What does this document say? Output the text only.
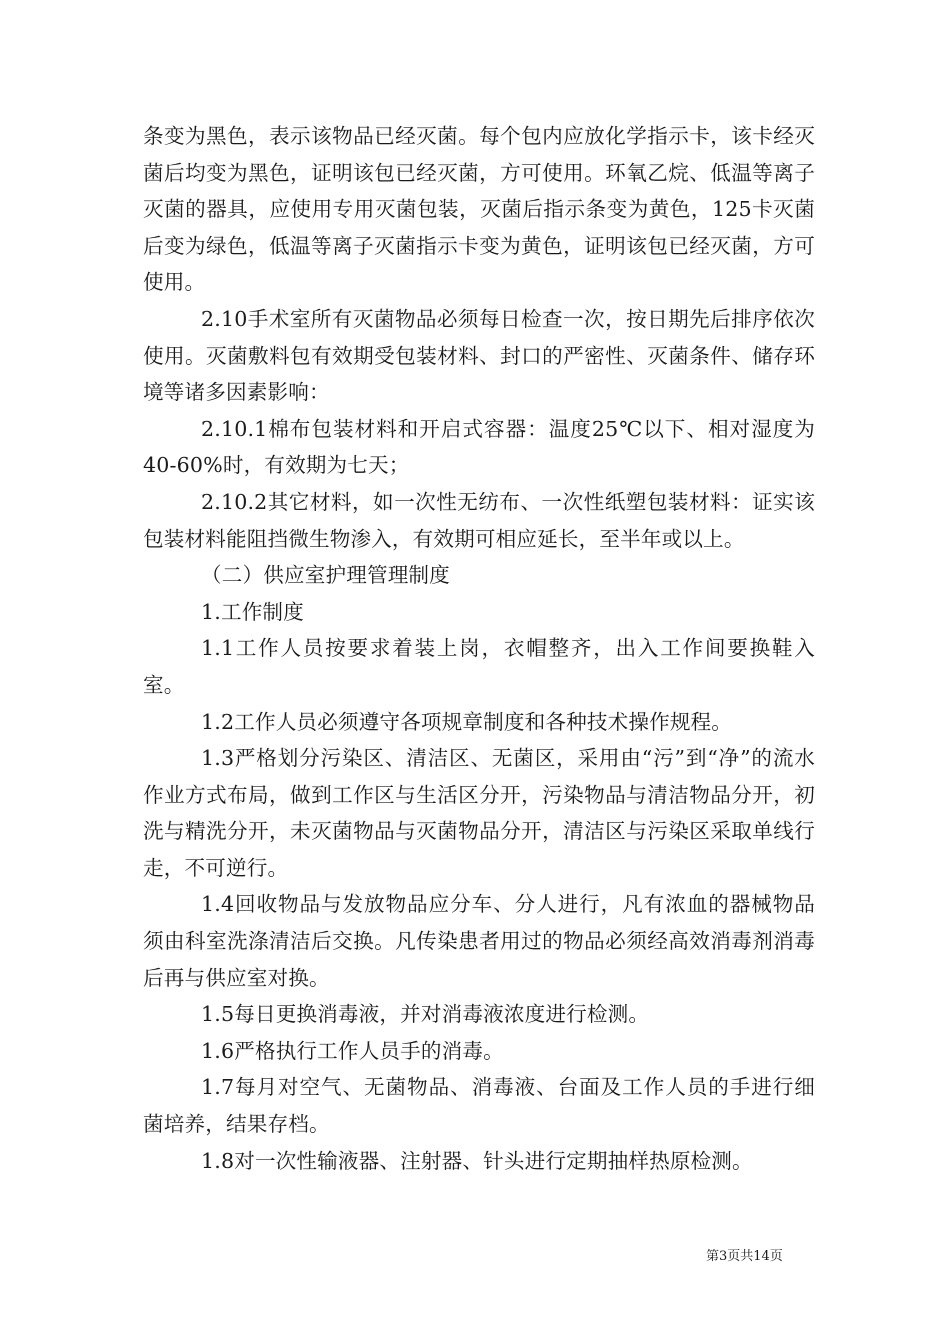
条变为黑色，表示该物品已经灭菌。每个包内应放化学指示卡，该卡经灭菌后均变为黑色，证明该包已经灭菌，方可使用。环氧乙烷、低温等离子灭菌的器具，应使用专用灭菌包装，灭菌后指示条变为黄色，125卡灭菌后变为绿色，低温等离子灭菌指示卡变为黄色，证明该包已经灭菌，方可使用。

2.10手术室所有灭菌物品必须每日检查一次，按日期先后排序依次使用。灭菌敷料包有效期受包装材料、封口的严密性、灭菌条件、储存环境等诸多因素影响：

2.10.1棉布包装材料和开启式容器：温度25℃以下、相对湿度为40-60%时，有效期为七天；

2.10.2其它材料，如一次性无纺布、一次性纸塑包装材料：证实该包装材料能阻挡微生物渗入，有效期可相应延长，至半年或以上。

（二）供应室护理管理制度

1.工作制度

1.1工作人员按要求着装上岗，衣帽整齐，出入工作间要换鞋入室。

1.2工作人员必须遵守各项规章制度和各种技术操作规程。

1.3严格划分污染区、清洁区、无菌区，采用由“污”到“净”的流水作业方式布局，做到工作区与生活区分开，污染物品与清洁物品分开，初洗与精洗分开，未灭菌物品与灭菌物品分开，清洁区与污染区采取单线行走，不可逆行。

1.4回收物品与发放物品应分车、分人进行，凡有浓血的器械物品须由科室洗涤清洁后交换。凡传染患者用过的物品必须经高效消毒剂消毒后再与供应室对换。

1.5每日更换消毒液，并对消毒液浓度进行检测。

1.6严格执行工作人员手的消毒。

1.7每月对空气、无菌物品、消毒液、台面及工作人员的手进行细菌培养，结果存档。

1.8对一次性输液器、注射器、针头进行定期抽样热原检测。

第3页共14页
